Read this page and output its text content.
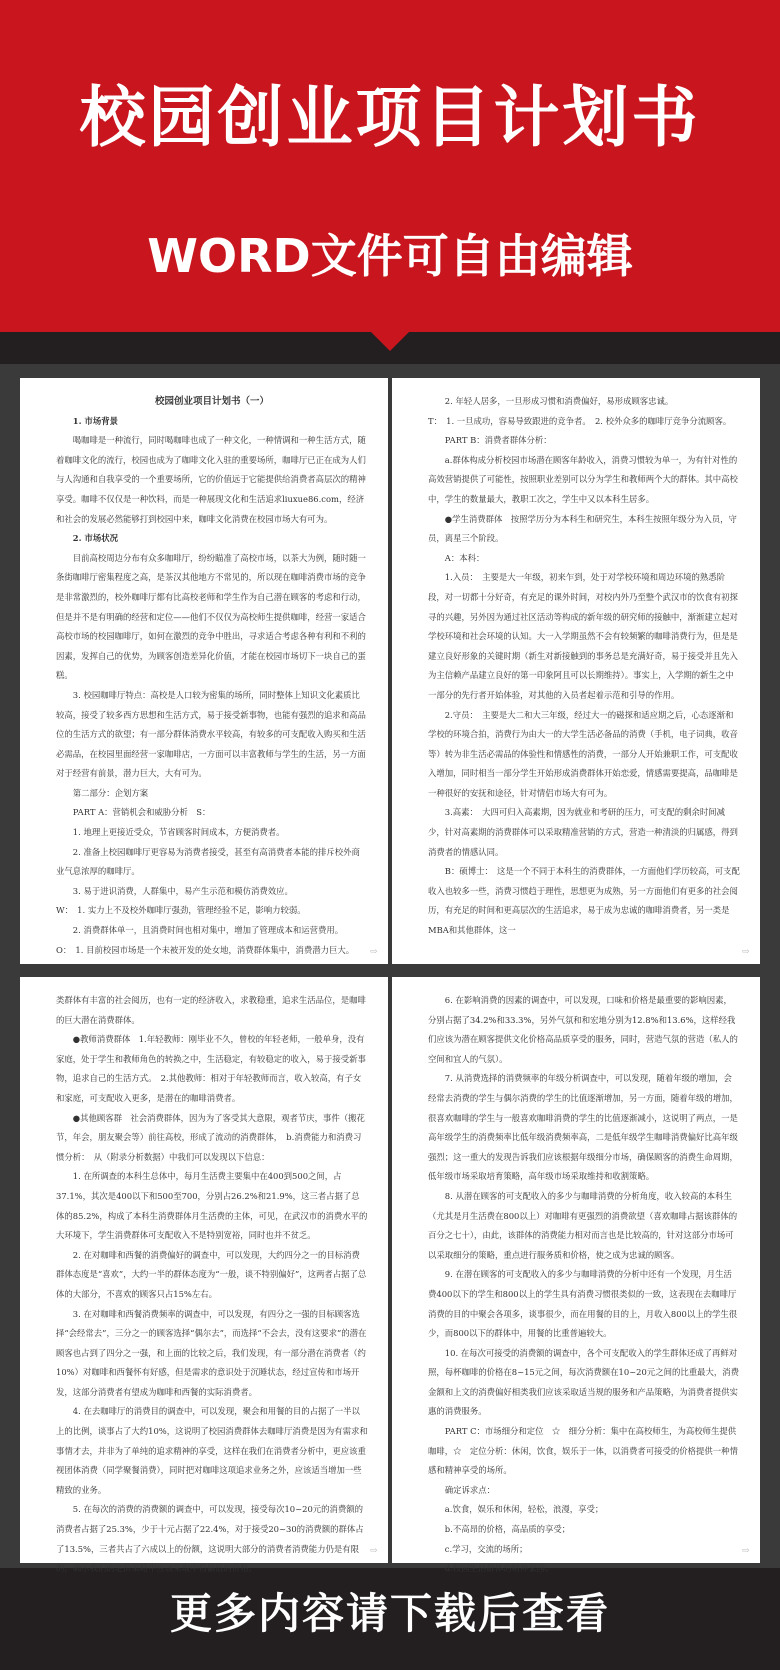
校园创业项目计划书
WORD文件可自由编辑

校园创业项目计划书（一）

1. 市场背景

喝咖啡是一种流行，同时喝咖啡也成了一种文化，一种情调和一种生活方式，随着咖啡文化的流行，校园也成为了咖啡文化入驻的重要场所，咖啡厅已正在成为人们与人沟通和自我享受的一个重要场所，它的价值远于它能提供给消费者高层次的精神享受。咖啡不仅仅是一种饮料，而是一种展现文化和生活追求liuxue86.com，经济和社会的发展必然能够打到校园中来，咖啡文化消费在校园市场大有可为。

2. 市场状况

目前高校周边分布有众多咖啡厅，纷纷瞄准了高校市场，以茶大为例，随时随一条街咖啡厅密集程度之高，是茶汉其他地方不常见的，所以现在咖啡消费市场的竞争是非常激烈的，校外咖啡厅都有比高校老师和学生作为自己潜在顾客的考虑和行动，但是并不是有明确的经营和定位——他们不仅仅为高校师生提供咖啡，经营一家适合高校市场的校园咖啡厅，如何在激烈的竞争中胜出，寻求适合考虑各种有利和不利的因素，发挥自己的优势，为顾客创造差异化价值，才能在校园市场切下一块自己的蛋糕。

3. 校园咖啡厅特点：高校是人口较为密集的场所，同时整体上知识文化素质比较高，接受了较多西方思想和生活方式，易于接受新事物，也能有强烈的追求和高品位的生活方式的欲望；有一部分群体消费水平较高，有较多的可支配收入购买和生活必需品，在校园里面经营一家咖啡店，一方面可以丰富教师与学生的生活，另一方面对于经营有前景，潜力巨大，大有可为。

第二部分：企划方案

PART A：营销机会和威胁分析　S：

1. 地理上更接近受众，节省顾客时间成本，方便消费者。

2. 准备上校园咖啡厅更容易为消费者接受，甚至有高消费者本能的排斥校外商业气息浓厚的咖啡厅。

3. 易于进识消费，人群集中，易产生示范和模仿消费效应。

W：　1. 实力上不及校外咖啡厅强劲，管理经验不足，影响力较弱。

2. 消费群体单一，且消费时间也相对集中，增加了管理成本和运营费用。

O：　1. 目前校园市场是一个未被开发的处女地，消费群体集中，消费潜力巨大。	⇨

2. 年轻人居多，一旦形成习惯和消费偏好，易形成顾客忠诚。

T：　1. 一旦成功，容易导致跟进的竞争者。　2. 校外众多的咖啡厅竞争分流顾客。

PART B：消费者群体分析：

a.群体构成分析校园市场潜在顾客年龄收入，消费习惯较为单一，为有针对性的高效营销提供了可能性，按照职业差别可以分为学生和教师两个大的群体。其中高校中，学生的数量最大，教职工次之，学生中又以本科生居多。

●学生消费群体　按照学历分为本科生和研究生，本科生按照年级分为入员，守员，离星三个阶段。

A：本科：

1.入员：　主要是大一年级，初来乍到，处于对学校环境和周边环境的熟悉阶段，对一切都十分好奇，有充足的课外时间，对校内外乃至整个武汉市的饮食有初探寻的兴趣，另外因为通过社区活动等构成的新年级的研究师的接触中，渐渐建立起对学校环境和社会环境的认知。大一入学期虽然不会有较频繁的咖啡消费行为，但是是建立良好形象的关键时期（新生对新接触到的事务总是充满好奇，易于接受并且先入为主信赖产品建立良好的第一印象阿且可以长期维持）。事实上，入学期的新生之中一部分的先行者开始体验，对其他的入员者起着示范和引导的作用。

2.守员：　主要是大二和大三年级，经过大一的磁探和适应期之后，心态逐渐和学校的环境合拍，消费行为由大一的大学生活必备品的消费（手机，电子词典，收音等）转为非生活必需品的体验性和情感性的消费，一部分人开始兼职工作，可支配收入增加，同时相当一部分学生开始形成消费群体开始恋爱，情感需要提高，品咖啡是一种很好的安抚和途径，针对情侣市场大有可为。

3.高素：　大四可归入高素期，因为就业和考研的压力，可支配的剩余时间减少，针对高素期的消费群体可以采取精准营销的方式，营造一种清淡的归属感，得到消费者的情感认同。

B：硕博士：　这是一个不同于本科生的消费群体，一方面他们学历较高，可支配收入也较多一些，消费习惯趋于理性，思想更为成熟，另一方面他们有更多的社会阅历，有充足的时间和更高层次的生活追求，易于成为忠诚的咖啡消费者，另一类是MBA和其他群体，这一

⇨

类群体有丰富的社会阅历，也有一定的经济收入，求教稳重，追求生活品位，是咖啡的巨大潜在消费群体。

●教师消费群体　1.年轻教师：刚毕业不久，曾校的年轻老师，一般单身，没有家庭，处于学生和教师角色的转换之中，生活稳定，有较稳定的收入，易于接受新事物，追求自己的生活方式。　2.其他教师：相对于年轻教师而言，收入较高，有子女和家庭，可支配收入更多，是潜在的咖啡消费者。

●其他顾客群　社会消费群体，因为为了客受其大意限，观者节庆，事件（搬花节，年会，朋友聚会等）前往高校，形成了流动的消费群体，　b.消费能力和消费习惯分析：　从（附录分析数据）中我们可以发现以下信息：

1. 在所调查的本科生总体中，每月生活费主要集中在400到500之间，占37.1%，其次是400以下和500至700，分别占26.2%和21.9%，这三者占据了总体的85.2%，构成了本科生消费群体月生活费的主体，可见，在武汉市的消费水平的大环境下，学生消费群体可支配收入不是特别宽裕，同时也并不贫乏。

2. 在对咖啡和西餐的消费偏好的调查中，可以发现，大约四分之一的目标消费群体态度是“喜欢”，大约一半的群体态度为“一般，谈不特别偏好”，这两者占据了总体的大部分，不喜欢的顾客只占15%左右。

3. 在对咖啡和西餐消费频率的调查中，可以发现，有四分之一强的目标顾客选择“会经常去”，三分之一的顾客选择“偶尔去”，而选择“不会去，没有这要求”的潜在顾客也占到了四分之一强，和上面的比较之后，我们发现，有一部分潜在消费者（约10%）对咖啡和西餐怀有好感，但是需求的意识处于沉睡状态，经过宣传和市场开发，这部分消费者有望成为咖啡和西餐的实际消费者。

4. 在去咖啡厅的消费目的调查中，可以发现，聚会和用餐的目的占据了一半以上的比例，谈事占了大约10%，这说明了校园消费群体去咖啡厅消费是因为有需求和事情才去，并非为了单纯的追求精神的享受，这样在我们在消费者分析中，更应该重视团体消费（同学聚餐消费），同时把对咖啡这项追求业务之外，应该适当增加一些精致的业务。

5. 在每次的消费的消费额的调查中，可以发现，接受每次10~20元的消费额的消费者占据了25.3%，少于十元占据了22.4%，对于接受20~30的消费额的群体占了13.5%，三者共占了六成以上的份额，这说明大部分的消费者消费能力仍是有限的，确示我们的定价策略中应该采取中档偏低的价格。

⇨

6. 在影响消费的因素的调查中，可以发现，口味和价格是最重要的影响因素，分别占据了34.2%和33.3%，另外气氛和和宏地分别为12.8%和13.6%，这样经我们应该为潜在顾客提供文化价格高品质享受的服务，同时，营造气氛的营造（私人的空间和宜人的气氛）。

7. 从消费选择的消费频率的年级分析调查中，可以发现，随着年级的增加，会经常去消费的学生与偶尔消费的学生的比值逐渐增加，另一方面，随着年级的增加，很喜欢咖啡的学生与一般喜欢咖啡消费的学生的比值逐渐减小，这说明了两点，一是高年级学生的消费频率比低年级消费频率高，二是低年级学生咖啡消费偏好比高年级强烈；这一重大的发现告诉我们应该根据年级细分市场，确保顾客的消费生命周期，低年级市场采取培育策略，高年级市场采取维持和收割策略。

8. 从潜在顾客的可支配收入的多少与咖啡消费的分析角度，收入较高的本科生（尤其是月生活费在800以上）对咖啡有更强烈的消费欲望（喜欢咖啡占据该群体的百分之七十），由此，该群体的消费能力相对而言也是比较高的，针对这部分市场可以采取细分的策略，重点进行服务质和价格，使之成为忠诚的顾客。

9. 在潜在顾客的可支配收入的多少与咖啡消费的分析中还有一个发现，月生活费400以下的学生和800以上的学生具有消费习惯很类似的一致，这表现在去咖啡厅消费的目的中聚会各项多，谈事很少，而在用餐的目的上，月收入800以上的学生很少，而800以下的群体中，用餐的比重普遍较大。

10. 在每次可接受的消费额的调查中，各个可支配收入的学生群体还成了再鲜对照，每杯咖啡的价格在8~15元之间，每次消费额在10~20元之间的比重最大，消费金额和上文的消费偏好相类我们应该采取适当规的服务和产品策略，为消费者提供实惠的消费服务。

PART C：市场细分和定位　☆　细分分析：集中在高校师生，为高校师生提供咖啡，☆　定位分析：休闲，饮食，娱乐于一体，以消费者可接受的价格提供一种情感和精神享受的场所。

确定诉求点：

a.饮食，娱乐和休闲，轻松，浪漫，享受；

b.不高昂的价格，高品质的享受；

c.学习，交流的场所；

d.校园生活群体的精神家园；

⇨
更多内容请下载后查看
